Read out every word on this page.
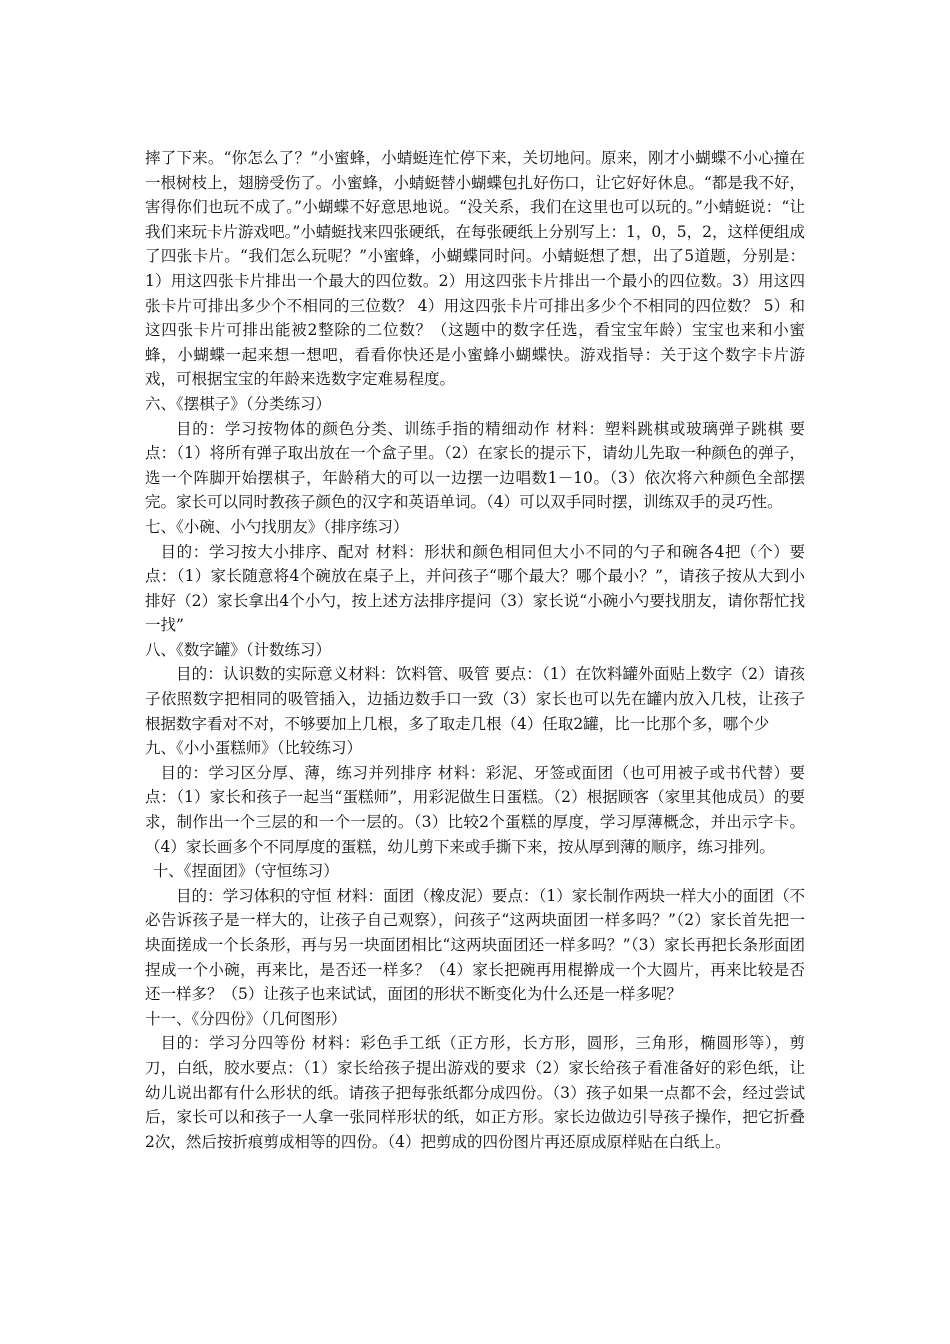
摔了下来。“你怎么了？”小蜜蜂，小蜻蜓连忙停下来，关切地问。原来，刚才小蝴蝶不小心撞在一根树枝上，翅膀受伤了。小蜜蜂，小蜻蜓替小蝴蝶包扎好伤口，让它好好休息。“都是我不好，害得你们也玩不成了。”小蝴蝶不好意思地说。“没关系，我们在这里也可以玩的。”小蜻蜓说：“让我们来玩卡片游戏吧。”小蜻蜓找来四张硬纸，在每张硬纸上分别写上：1，0，5，2，这样便组成了四张卡片。“我们怎么玩呢？”小蜜蜂，小蝴蝶同时问。小蜻蜓想了想，出了5道题，分别是：1）用这四张卡片排出一个最大的四位数。2）用这四张卡片排出一个最小的四位数。3）用这四张卡片可排出多少个不相同的三位数？ 4）用这四张卡片可排出多少个不相同的四位数？ 5）和这四张卡片可排出能被2整除的二位数？（这题中的数字任选，看宝宝年龄）宝宝也来和小蜜蜂，小蝴蝶一起来想一想吧，看看你快还是小蜜蜂小蝴蝶快。游戏指导：关于这个数字卡片游戏，可根据宝宝的年龄来选数字定难易程度。

六、《摆棋子》（分类练习）

目的：学习按物体的颜色分类、训练手指的精细动作 材料：塑料跳棋或玻璃弹子跳棋 要点：（1）将所有弹子取出放在一个盒子里。（2）在家长的提示下，请幼儿先取一种颜色的弹子，选一个阵脚开始摆棋子，年龄稍大的可以一边摆一边唱数1－10。（3）依次将六种颜色全部摆完。家长可以同时教孩子颜色的汉字和英语单词。（4）可以双手同时摆，训练双手的灵巧性。

七、《小碗、小勺找朋友》（排序练习）

目的：学习按大小排序、配对 材料：形状和颜色相同但大小不同的勺子和碗各4把（个）要点：（1）家长随意将4个碗放在桌子上，并问孩子“哪个最大？哪个最小？”，请孩子按从大到小排好（2）家长拿出4个小勺，按上述方法排序提问（3）家长说“小碗小勺要找朋友，请你帮忙找一找”

八、《数字罐》（计数练习）

目的：认识数的实际意义材料：饮料管、吸管 要点：（1）在饮料罐外面贴上数字（2）请孩子依照数字把相同的吸管插入，边插边数手口一致（3）家长也可以先在罐内放入几枝，让孩子根据数字看对不对，不够要加上几根，多了取走几根（4）任取2罐，比一比那个多，哪个少

九、《小小蛋糕师》（比较练习）

目的：学习区分厚、薄，练习并列排序 材料：彩泥、牙签或面团（也可用被子或书代替）要点：（1）家长和孩子一起当“蛋糕师”，用彩泥做生日蛋糕。（2）根据顾客（家里其他成员）的要求，制作出一个三层的和一个一层的。（3）比较2个蛋糕的厚度，学习厚薄概念，并出示字卡。（4）家长画多个不同厚度的蛋糕，幼儿剪下来或手撕下来，按从厚到薄的顺序，练习排列。

十、《捏面团》（守恒练习）

目的：学习体积的守恒 材料：面团（橡皮泥）要点：（1）家长制作两块一样大小的面团（不必告诉孩子是一样大的，让孩子自己观察），问孩子“这两块面团一样多吗？”（2）家长首先把一块面搓成一个长条形，再与另一块面团相比“这两块面团还一样多吗？”（3）家长再把长条形面团捏成一个小碗，再来比，是否还一样多？（4）家长把碗再用棍擀成一个大圆片，再来比较是否还一样多？（5）让孩子也来试试，面团的形状不断变化为什么还是一样多呢？

十一、《分四份》（几何图形）

目的：学习分四等份 材料：彩色手工纸（正方形，长方形，圆形，三角形，椭圆形等），剪刀，白纸，胶水要点：（1）家长给孩子提出游戏的要求（2）家长给孩子看准备好的彩色纸，让幼儿说出都有什么形状的纸。请孩子把每张纸都分成四份。（3）孩子如果一点都不会，经过尝试后，家长可以和孩子一人拿一张同样形状的纸，如正方形。家长边做边引导孩子操作，把它折叠2次，然后按折痕剪成相等的四份。（4）把剪成的四份图片再还原成原样贴在白纸上。
